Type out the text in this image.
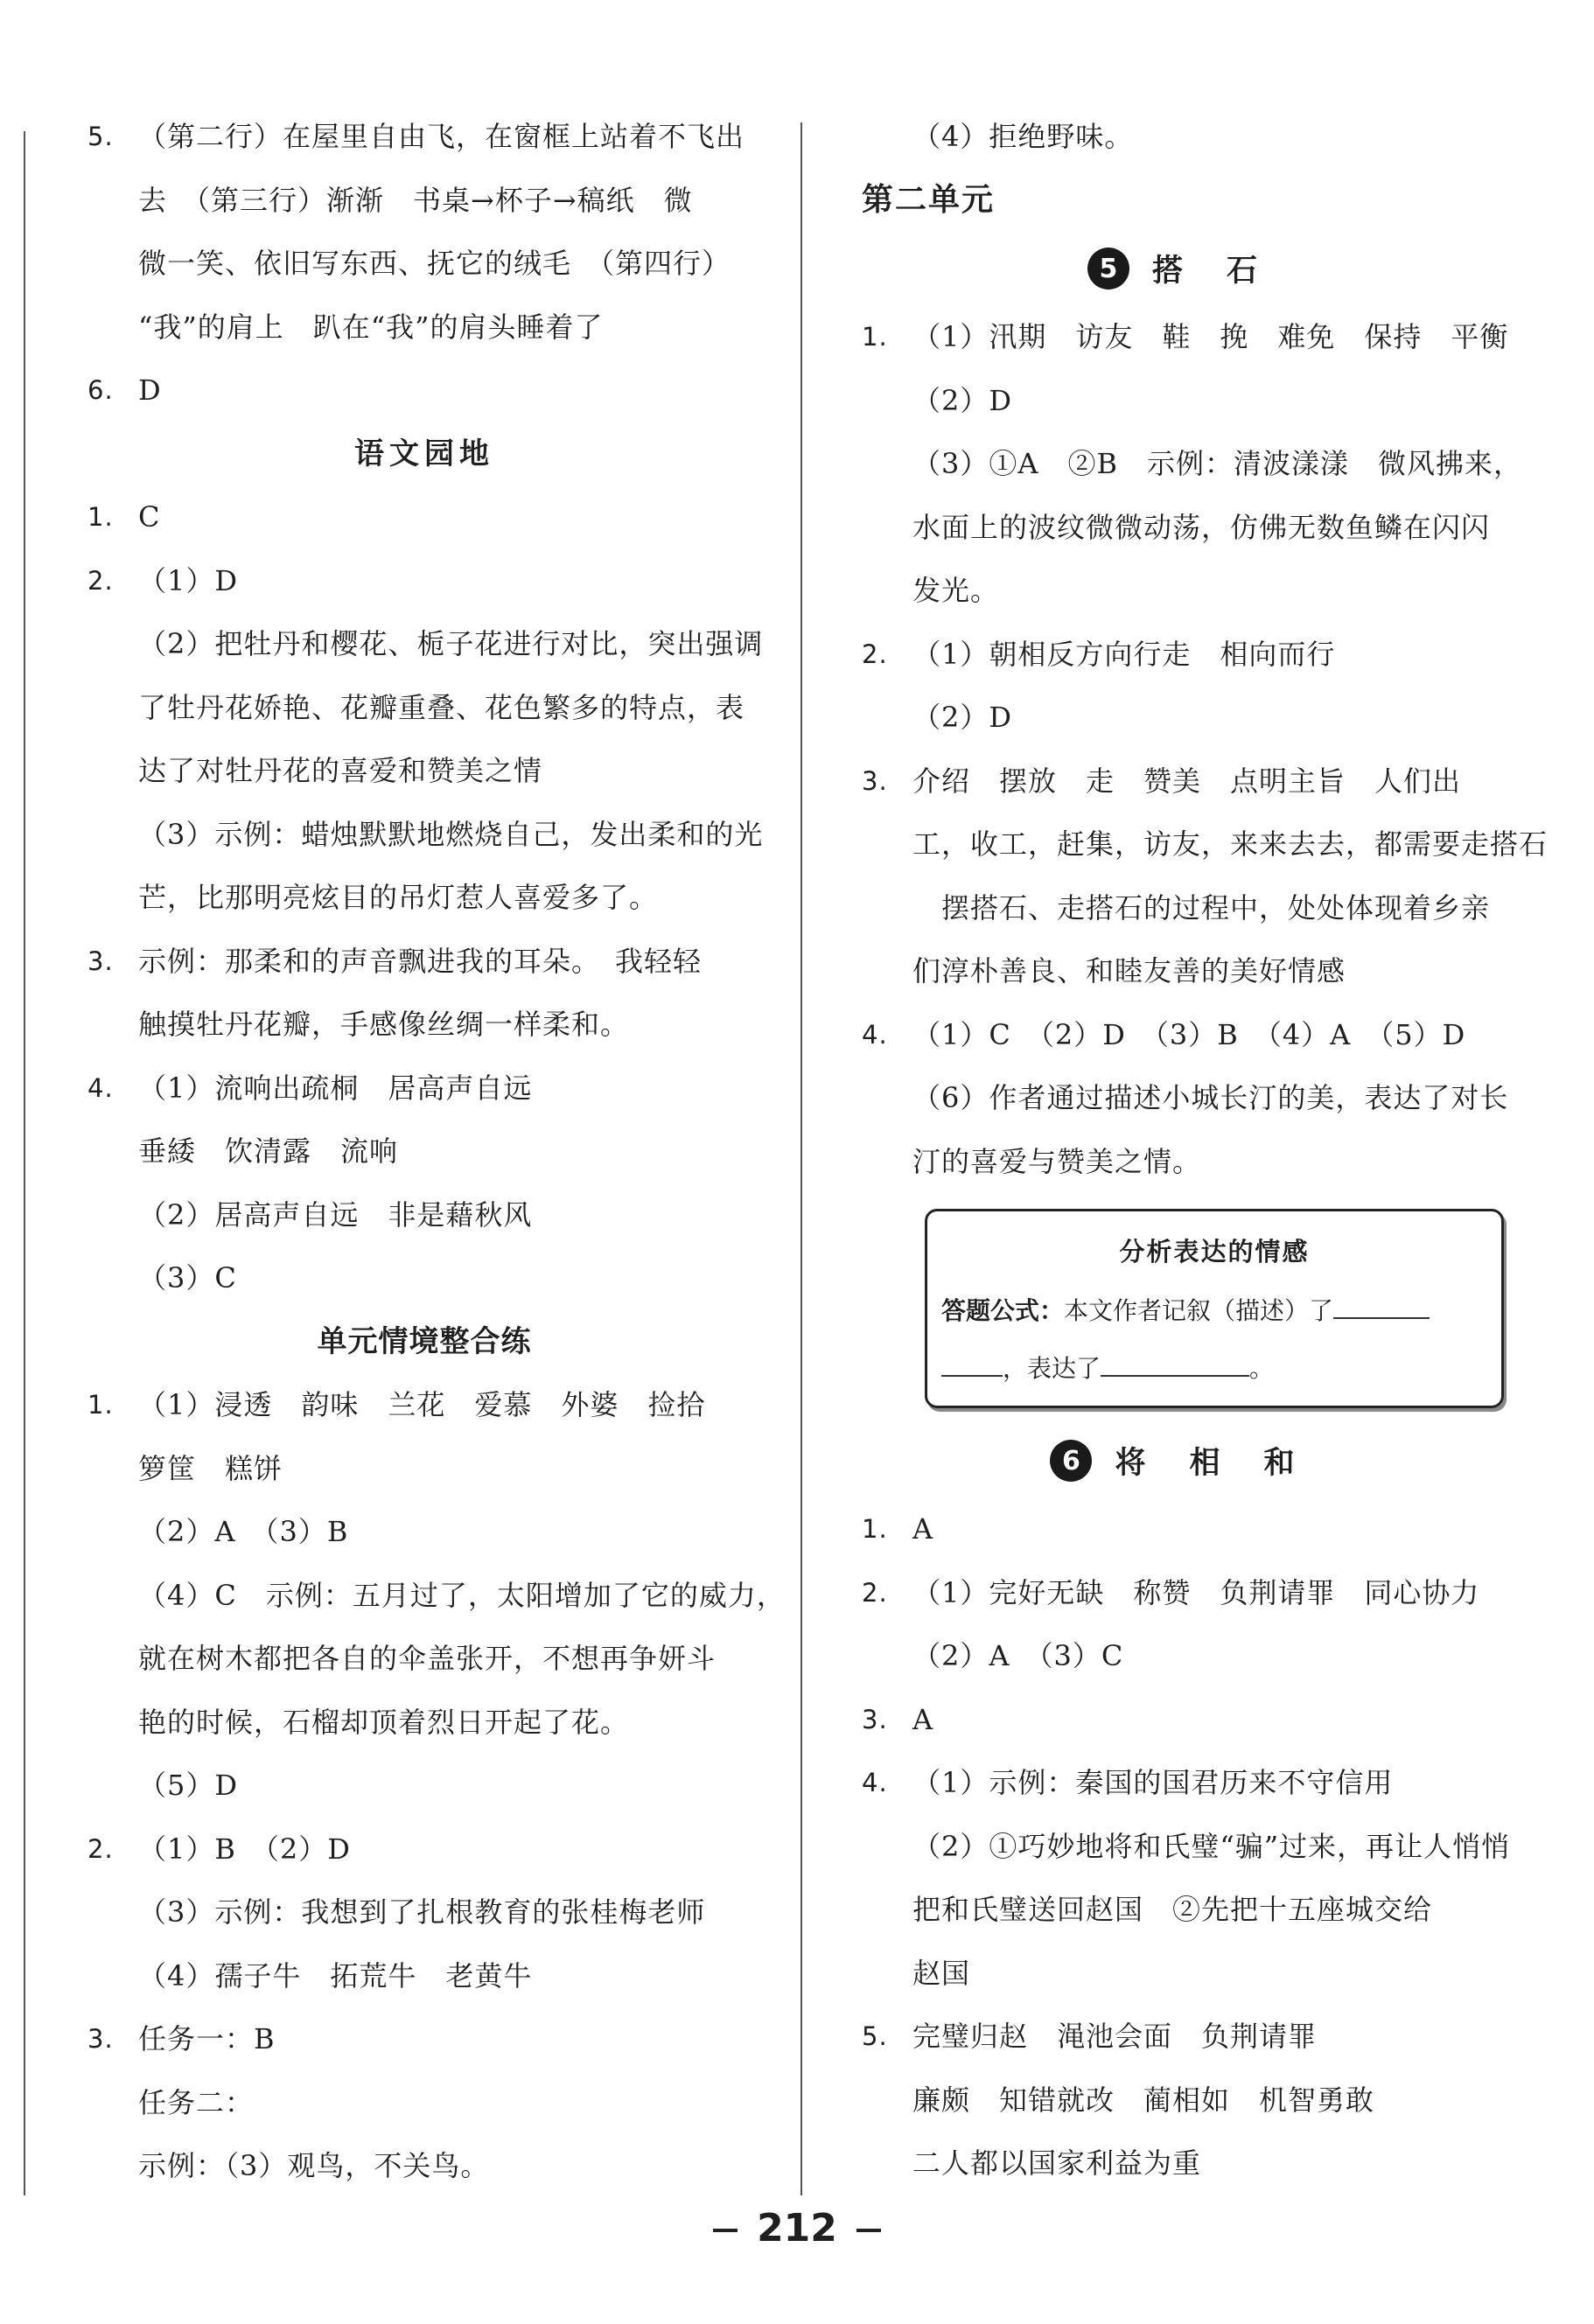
5. （第二行）在屋里自由飞，在窗框上站着不飞出
去　（第三行）渐渐　书桌→杯子→稿纸　微
微一笑、依旧写东西、抚它的绒毛　（第四行）
“我”的肩上　趴在“我”的肩头睡着了
6. D
语文园地
1. C
2. （1）D
（2）把牡丹和樱花、栀子花进行对比，突出强调
了牡丹花娇艳、花瓣重叠、花色繁多的特点，表
达了对牡丹花的喜爱和赞美之情
（3）示例：蜡烛默默地燃烧自己，发出柔和的光
芒，比那明亮炫目的吊灯惹人喜爱多了。
3. 示例：那柔和的声音飘进我的耳朵。　我轻轻
触摸牡丹花瓣，手感像丝绸一样柔和。
4. （1）流响出疏桐　居高声自远
垂緌　饮清露　流响
（2）居高声自远　非是藉秋风
（3）C
单元情境整合练
1. （1）浸透　韵味　兰花　爱慕　外婆　捡拾
箩筐　糕饼
（2）A　（3）B
（4）C　示例：五月过了，太阳增加了它的威力，
就在树木都把各自的伞盖张开，不想再争妍斗
艳的时候，石榴却顶着烈日开起了花。
（5）D
2. （1）B　（2）D
（3）示例：我想到了扎根教育的张桂梅老师
（4）孺子牛　拓荒牛　老黄牛
3. 任务一：B
任务二：
示例：（3）观鸟，不关鸟。
（4）拒绝野味。
第二单元
5	搭石
1. （1）汛期　访友　鞋　挽　难免　保持　平衡
（2）D
（3）①A　②B　示例：清波漾漾　微风拂来，
水面上的波纹微微动荡，仿佛无数鱼鳞在闪闪
发光。
2. （1）朝相反方向行走　相向而行
（2）D
3. 介绍　摆放　走　赞美　点明主旨　人们出
工，收工，赶集，访友，来来去去，都需要走搭石
　摆搭石、走搭石的过程中，处处体现着乡亲
们淳朴善良、和睦友善的美好情感
4. （1）C　（2）D　（3）B　（4）A　（5）D
（6）作者通过描述小城长汀的美，表达了对长
汀的喜爱与赞美之情。
分析表达的情感
答题公式：本文作者记叙（描述）了
，表达了	。
6	将相和
1. A
2. （1）完好无缺　称赞　负荆请罪　同心协力
（2）A　（3）C
3. A
4. （1）示例：秦国的国君历来不守信用
（2）①巧妙地将和氏璧“骗”过来，再让人悄悄
把和氏璧送回赵国　②先把十五座城交给
赵国
5. 完璧归赵　渑池会面　负荆请罪
廉颇　知错就改　蔺相如　机智勇敢
二人都以国家利益为重
212
